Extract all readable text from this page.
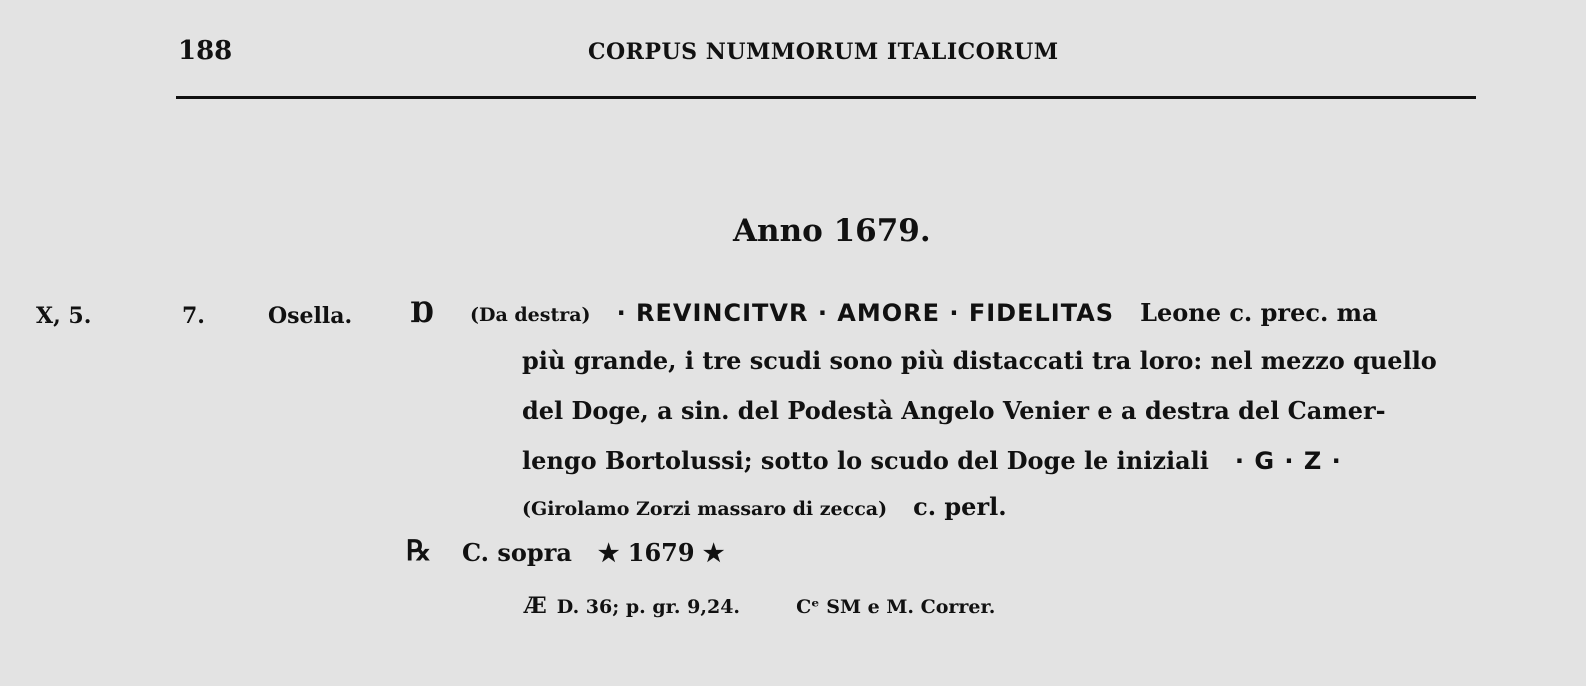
188	CORPUS NUMMORUM ITALICORUM
Anno 1679.
X, 5.	7.	Osella. Ɒ (Da destra) · REVINCITVR · AMORE · FIDELITAS Leone c. prec. ma
più grande, i tre scudi sono più distaccati tra loro: nel mezzo quello
del Doge, a sin. del Podestà Angelo Venier e a destra del Camer-
lengo Bortolussi; sotto lo scudo del Doge le iniziali · G · Z ·
(Girolamo Zorzi massaro di zecca) c. perl.
℞ C. sopra ★ 1679 ★
Æ D. 36; p. gr. 9,24.	Cᵉ SM e M. Correr.
